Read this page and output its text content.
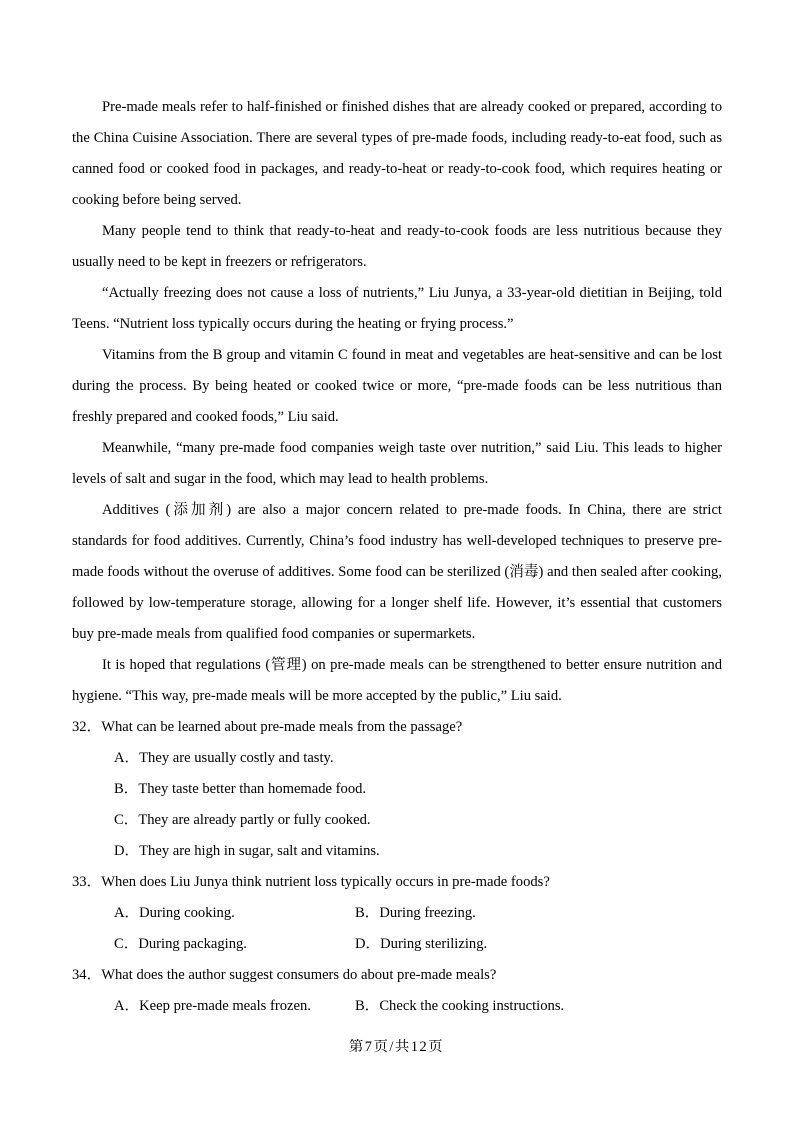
Pre-made meals refer to half-finished or finished dishes that are already cooked or prepared, according to the China Cuisine Association. There are several types of pre-made foods, including ready-to-eat food, such as canned food or cooked food in packages, and ready-to-heat or ready-to-cook food, which requires heating or cooking before being served.

Many people tend to think that ready-to-heat and ready-to-cook foods are less nutritious because they usually need to be kept in freezers or refrigerators.

“Actually freezing does not cause a loss of nutrients,” Liu Junya, a 33-year-old dietitian in Beijing, told Teens. “Nutrient loss typically occurs during the heating or frying process.”

Vitamins from the B group and vitamin C found in meat and vegetables are heat-sensitive and can be lost during the process. By being heated or cooked twice or more, “pre-made foods can be less nutritious than freshly prepared and cooked foods,” Liu said.

Meanwhile, “many pre-made food companies weigh taste over nutrition,” said Liu. This leads to higher levels of salt and sugar in the food, which may lead to health problems.

Additives (添加剂) are also a major concern related to pre-made foods. In China, there are strict standards for food additives. Currently, China’s food industry has well-developed techniques to preserve pre-made foods without the overuse of additives. Some food can be sterilized (消毒) and then sealed after cooking, followed by low-temperature storage, allowing for a longer shelf life. However, it’s essential that customers buy pre-made meals from qualified food companies or supermarkets.

It is hoped that regulations (管理) on pre-made meals can be strengthened to better ensure nutrition and hygiene. “This way, pre-made meals will be more accepted by the public,” Liu said.

32．What can be learned about pre-made meals from the passage?
A．They are usually costly and tasty.
B．They taste better than homemade food.
C．They are already partly or fully cooked.
D．They are high in sugar, salt and vitamins.
33．When does Liu Junya think nutrient loss typically occurs in pre-made foods?
A．During cooking.	B．During freezing.
C．During packaging.	D．During sterilizing.
34．What does the author suggest consumers do about pre-made meals?
A．Keep pre-made meals frozen.	B．Check the cooking instructions.
第7页/共12页
